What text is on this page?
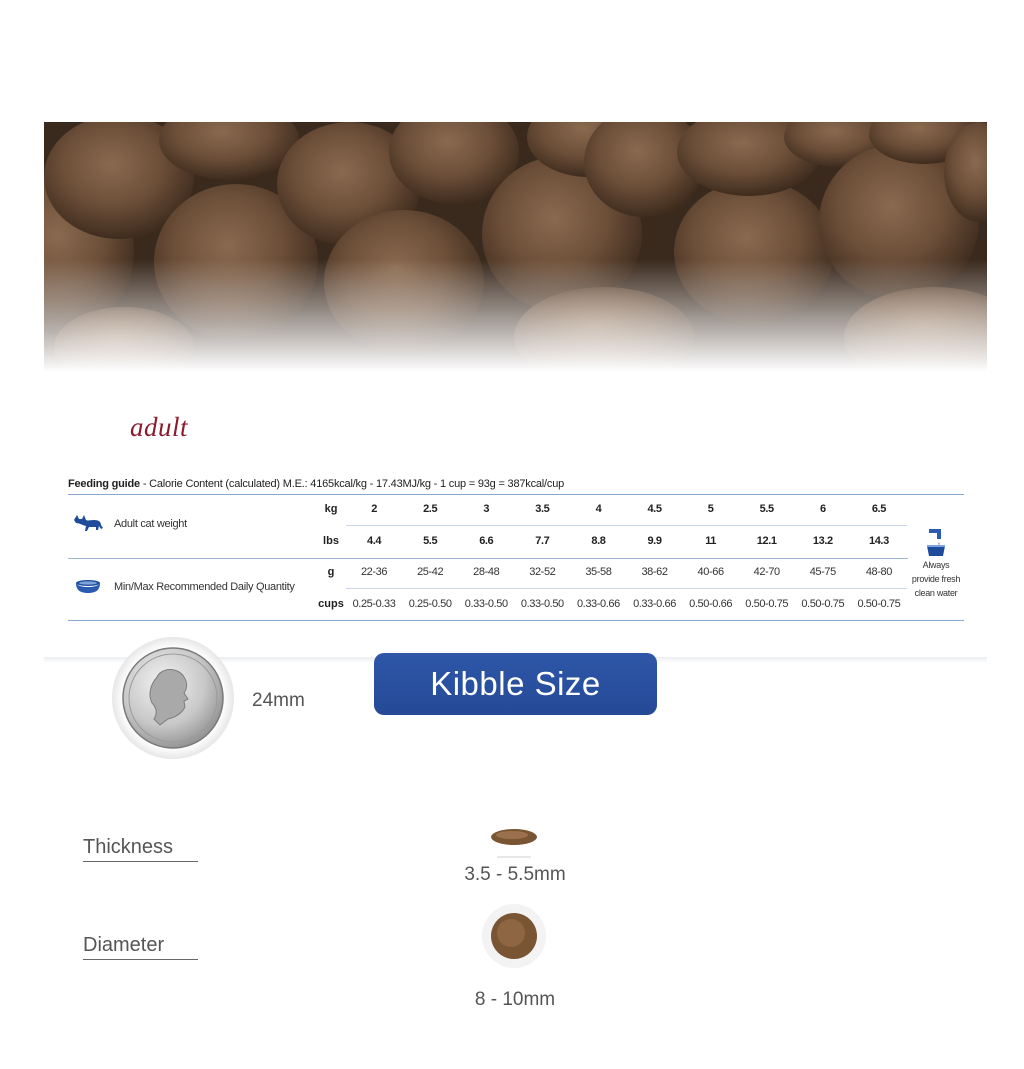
adult
Feeding guide - Calorie Content (calculated) M.E.: 4165kcal/kg - 17.43MJ/kg - 1 cup = 93g = 387kcal/cup
Adult cat weight
kg	2	2.5	3	3.5	4	4.5	5	5.5	6	6.5
lbs	4.4	5.5	6.6	7.7	8.8	9.9	11	12.1	13.2	14.3
Min/Max Recommended Daily Quantity
g	22-36	25-42	28-48	32-52	35-58	38-62	40-66	42-70	45-75	48-80
cups 0.25-0.33	0.25-0.50	0.33-0.50	0.33-0.50	0.33-0.66	0.33-0.66	0.50-0.66	0.50-0.75	0.50-0.75	0.50-0.75
Always
provide fresh
clean water
24mm	Kibble Size
Thickness
3.5 - 5.5mm
Diameter
8 - 10mm
